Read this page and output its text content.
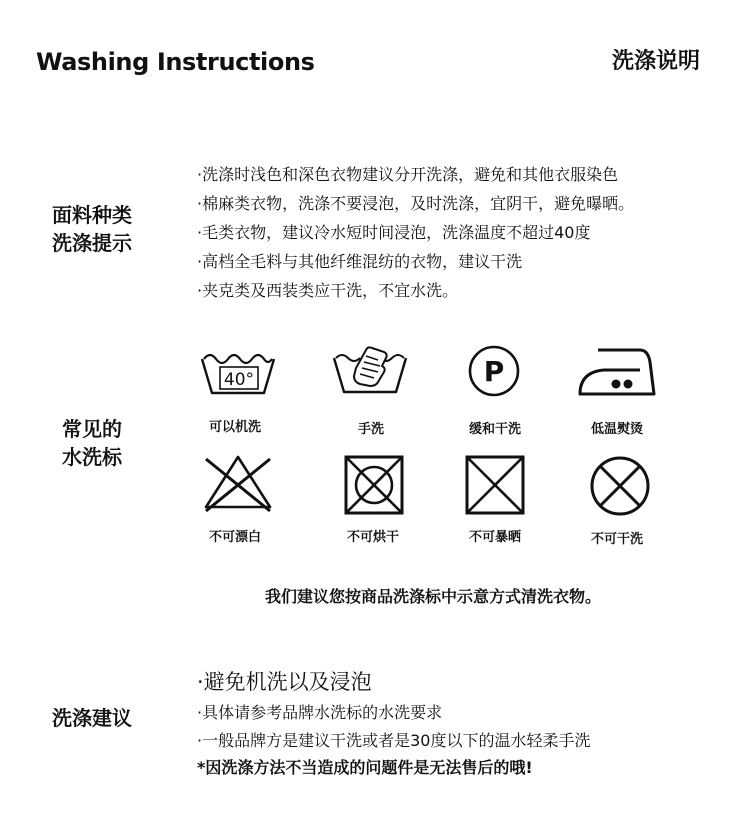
Washing Instructions	洗涤说明
面料种类
洗涤提示
·洗涤时浅色和深色衣物建议分开洗涤，避免和其他衣服染色
·棉麻类衣物，洗涤不要浸泡，及时洗涤，宜阴干，避免曝晒。
·毛类衣物，建议冷水短时间浸泡，洗涤温度不超过40度
·高档全毛料与其他纤维混纺的衣物，建议干洗
·夹克类及西装类应干洗，不宜水洗。
常见的
水洗标
40°	P
可以机洗	手洗	缓和干洗	低温熨烫
不可漂白	不可烘干	不可暴晒	不可干洗
我们建议您按商品洗涤标中示意方式清洗衣物。
洗涤建议
·避免机洗以及浸泡
·具体请参考品牌水洗标的水洗要求
·一般品牌方是建议干洗或者是30度以下的温水轻柔手洗
*因洗涤方法不当造成的问题件是无法售后的哦!
